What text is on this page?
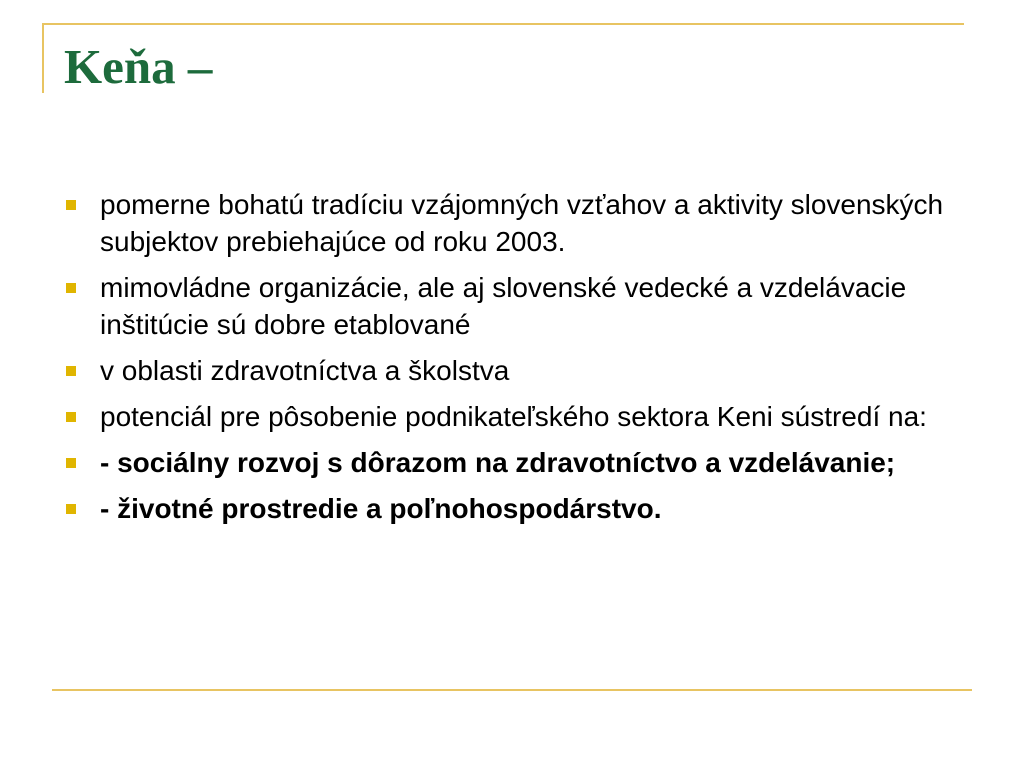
Keňa –
pomerne bohatú tradíciu vzájomných vzťahov a aktivity slovenských subjektov prebiehajúce od roku 2003.
mimovládne organizácie, ale aj slovenské vedecké a vzdelávacie inštitúcie sú dobre etablované
v oblasti zdravotníctva a školstva
potenciál pre pôsobenie podnikateľského sektora Keni sústredí na:
- sociálny rozvoj s dôrazom na zdravotníctvo a vzdelávanie;
- životné prostredie a poľnohospodárstvo.
